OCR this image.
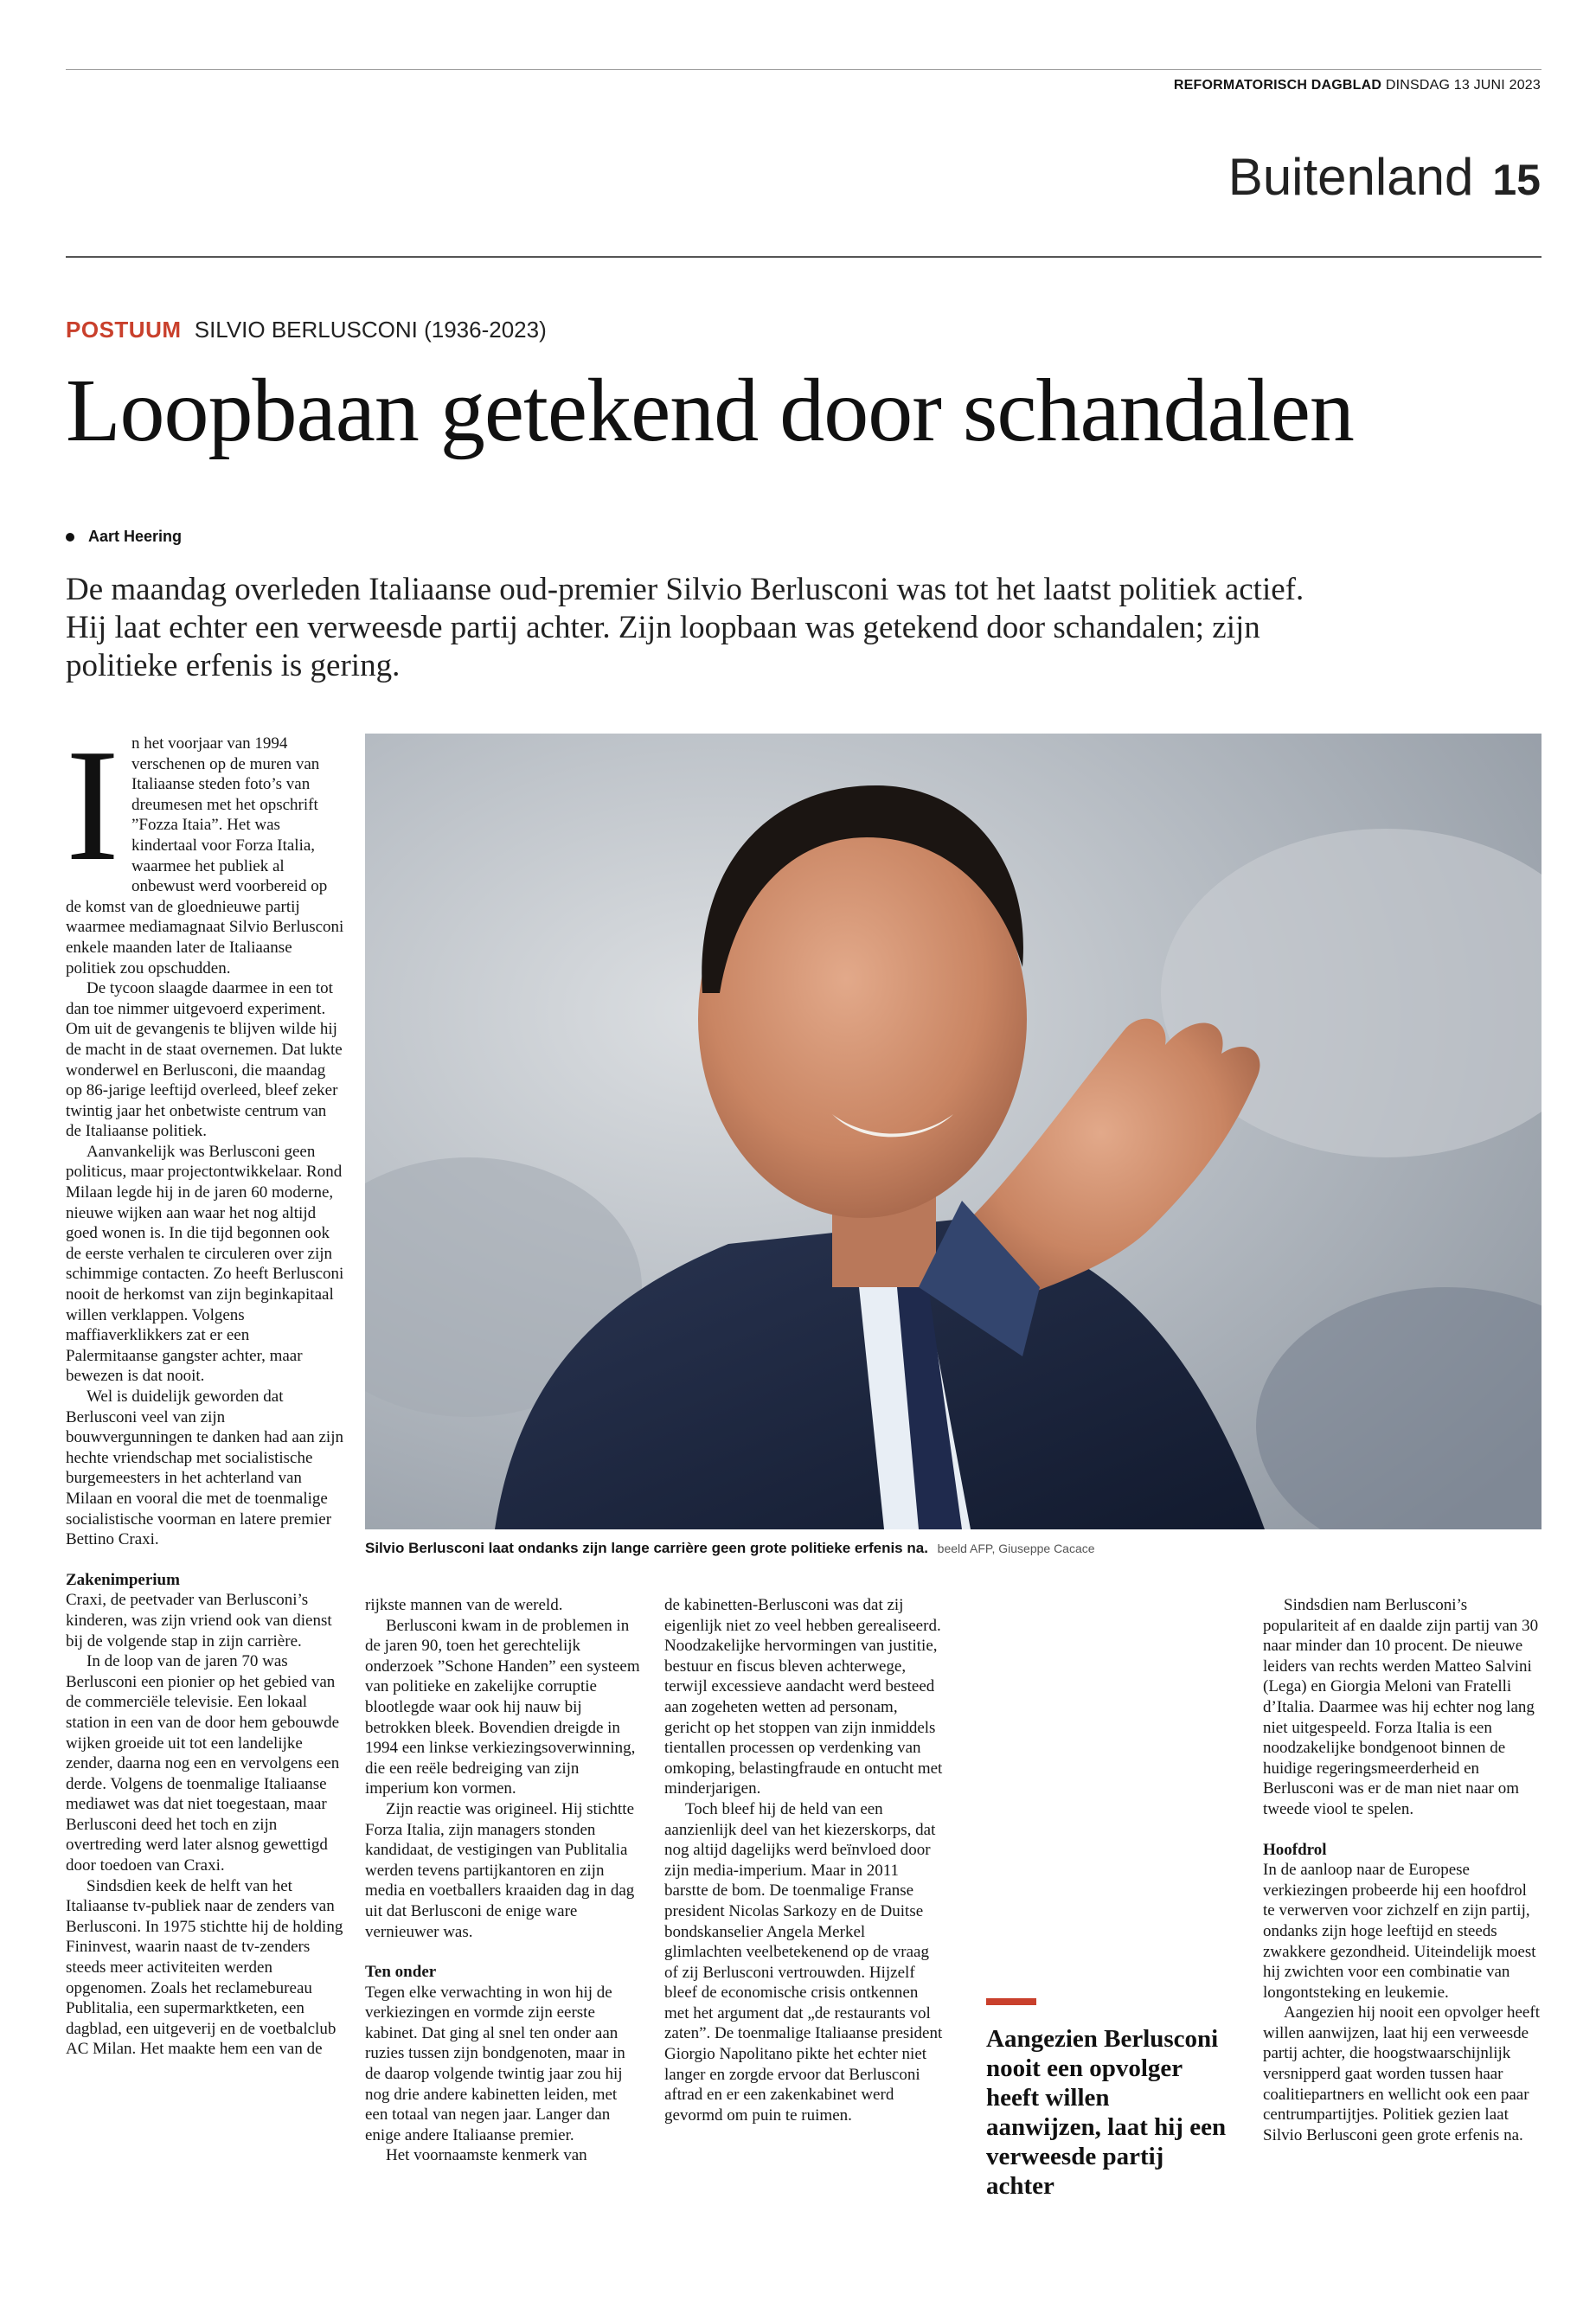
REFORMATORISCH DAGBLAD DINSDAG 13 JUNI 2023
Buitenland 15
POSTUUM SILVIO BERLUSCONI (1936-2023)
Loopbaan getekend door schandalen
Aart Heering

De maandag overleden Italiaanse oud-premier Silvio Berlusconi was tot het laatst politiek actief. Hij laat echter een verweesde partij achter. Zijn loopbaan was getekend door schandalen; zijn politieke erfenis is gering.

Silvio Berlusconi laat ondanks zijn lange carrière geen grote politieke erfenis na. beeld AFP, Giuseppe Cacace
I n het voorjaar van 1994 verschenen op de muren van Italiaanse steden foto’s van dreumesen met het opschrift ”Fozza Itaia”. Het was kindertaal voor Forza Italia, waarmee het publiek al onbewust werd voorbereid op de komst van de gloednieuwe partij waarmee mediamagnaat Silvio Berlusconi enkele maanden later de Italiaanse politiek zou opschudden.

De tycoon slaagde daarmee in een tot dan toe nimmer uitgevoerd experiment. Om uit de gevangenis te blijven wilde hij de macht in de staat overnemen. Dat lukte wonderwel en Berlusconi, die maandag op 86-jarige leeftijd overleed, bleef zeker twintig jaar het onbetwiste centrum van de Italiaanse politiek.

Aanvankelijk was Berlusconi geen politicus, maar projectontwikkelaar. Rond Milaan legde hij in de jaren 60 moderne, nieuwe wijken aan waar het nog altijd goed wonen is. In die tijd begonnen ook de eerste verhalen te circuleren over zijn schimmige contacten. Zo heeft Berlusconi nooit de herkomst van zijn beginkapitaal willen verklappen. Volgens maffiaverklikkers zat er een Palermitaanse gangster achter, maar bewezen is dat nooit.

Wel is duidelijk geworden dat Berlusconi veel van zijn bouwvergunningen te danken had aan zijn hechte vriendschap met socialistische burgemeesters in het achterland van Milaan en vooral die met de toenmalige socialistische voorman en latere premier Bettino Craxi.

Zakenimperium

Craxi, de peetvader van Berlusconi’s kinderen, was zijn vriend ook van dienst bij de volgende stap in zijn carrière.

In de loop van de jaren 70 was Berlusconi een pionier op het gebied van de commerciële televisie. Een lokaal station in een van de door hem gebouwde wijken groeide uit tot een landelijke zender, daarna nog een en vervolgens een derde. Volgens de toenmalige Italiaanse mediawet was dat niet toegestaan, maar Berlusconi deed het toch en zijn overtreding werd later alsnog gewettigd door toedoen van Craxi.

Sindsdien keek de helft van het Italiaanse tv-publiek naar de zenders van Berlusconi. In 1975 stichtte hij de holding Fininvest, waarin naast de tv-zenders steeds meer activiteiten werden opgenomen. Zoals het reclamebureau Publitalia, een supermarktketen, een dagblad, een uitgeverij en de voetbalclub AC Milan. Het maakte hem een van de

rijkste mannen van de wereld.

Berlusconi kwam in de problemen in de jaren 90, toen het gerechtelijk onderzoek ”Schone Handen” een systeem van politieke en zakelijke corruptie blootlegde waar ook hij nauw bij betrokken bleek. Bovendien dreigde in 1994 een linkse verkiezingsoverwinning, die een reële bedreiging van zijn imperium kon vormen.

Zijn reactie was origineel. Hij stichtte Forza Italia, zijn managers stonden kandidaat, de vestigingen van Publitalia werden tevens partijkantoren en zijn media en voetballers kraaiden dag in dag uit dat Berlusconi de enige ware vernieuwer was.

Ten onder

Tegen elke verwachting in won hij de verkiezingen en vormde zijn eerste kabinet. Dat ging al snel ten onder aan ruzies tussen zijn bondgenoten, maar in de daarop volgende twintig jaar zou hij nog drie andere kabinetten leiden, met een totaal van negen jaar. Langer dan enige andere Italiaanse premier.

Het voornaamste kenmerk van

de kabinetten-Berlusconi was dat zij eigenlijk niet zo veel hebben gerealiseerd. Noodzakelijke hervormingen van justitie, bestuur en fiscus bleven achterwege, terwijl excessieve aandacht werd besteed aan zogeheten wetten ad personam, gericht op het stoppen van zijn inmiddels tientallen processen op verdenking van omkoping, belastingfraude en ontucht met minderjarigen.

Toch bleef hij de held van een aanzienlijk deel van het kiezerskorps, dat nog altijd dagelijks werd beïnvloed door zijn media-imperium. Maar in 2011 barstte de bom. De toenmalige Franse president Nicolas Sarkozy en de Duitse bondskanselier Angela Merkel glimlachten veelbetekenend op de vraag of zij Berlusconi vertrouwden. Hijzelf bleef de economische crisis ontkennen met het argument dat „de restaurants vol zaten”. De toenmalige Italiaanse president Giorgio Napolitano pikte het echter niet langer en zorgde ervoor dat Berlusconi aftrad en er een zakenkabinet werd gevormd om puin te ruimen.

Aangezien Berlusconi nooit een opvolger heeft willen aanwijzen, laat hij een verweesde partij achter

Sindsdien nam Berlusconi’s populariteit af en daalde zijn partij van 30 naar minder dan 10 procent. De nieuwe leiders van rechts werden Matteo Salvini (Lega) en Giorgia Meloni van Fratelli d’Italia. Daarmee was hij echter nog lang niet uitgespeeld. Forza Italia is een noodzakelijke bondgenoot binnen de huidige regeringsmeerderheid en Berlusconi was er de man niet naar om tweede viool te spelen.

Hoofdrol

In de aanloop naar de Europese verkiezingen probeerde hij een hoofdrol te verwerven voor zichzelf en zijn partij, ondanks zijn hoge leeftijd en steeds zwakkere gezondheid. Uiteindelijk moest hij zwichten voor een combinatie van longontsteking en leukemie.

Aangezien hij nooit een opvolger heeft willen aanwijzen, laat hij een verweesde partij achter, die hoogstwaarschijnlijk versnipperd gaat worden tussen haar coalitiepartners en wellicht ook een paar centrumpartijtjes. Politiek gezien laat Silvio Berlusconi geen grote erfenis na.
